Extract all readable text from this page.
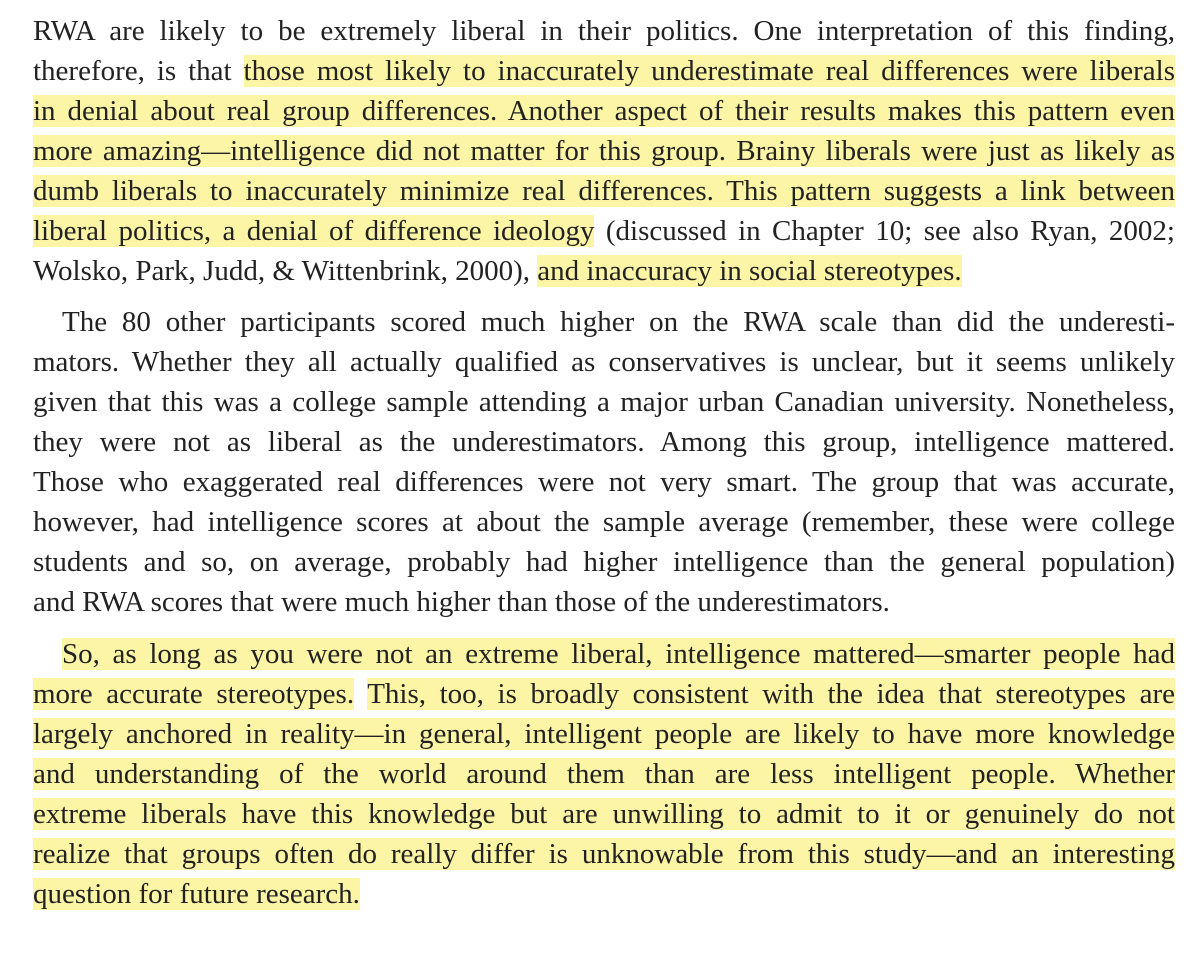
RWA are likely to be extremely liberal in their politics. One interpretation of this finding,
therefore, is that those most likely to inaccurately underestimate real differences were liberals
in denial about real group differences. Another aspect of their results makes this pattern even
more amazing—intelligence did not matter for this group. Brainy liberals were just as likely as
dumb liberals to inaccurately minimize real differences. This pattern suggests a link between
liberal politics, a denial of difference ideology (discussed in Chapter 10; see also Ryan, 2002;
Wolsko, Park, Judd, & Wittenbrink, 2000), and inaccuracy in social stereotypes.
The 80 other participants scored much higher on the RWA scale than did the underesti-
mators. Whether they all actually qualified as conservatives is unclear, but it seems unlikely
given that this was a college sample attending a major urban Canadian university. Nonetheless,
they were not as liberal as the underestimators. Among this group, intelligence mattered.
Those who exaggerated real differences were not very smart. The group that was accurate,
however, had intelligence scores at about the sample average (remember, these were college
students and so, on average, probably had higher intelligence than the general population)
and RWA scores that were much higher than those of the underestimators.
So, as long as you were not an extreme liberal, intelligence mattered—smarter people had
more accurate stereotypes. This, too, is broadly consistent with the idea that stereotypes are
largely anchored in reality—in general, intelligent people are likely to have more knowledge
and understanding of the world around them than are less intelligent people. Whether
extreme liberals have this knowledge but are unwilling to admit to it or genuinely do not
realize that groups often do really differ is unknowable from this study—and an interesting
question for future research.
